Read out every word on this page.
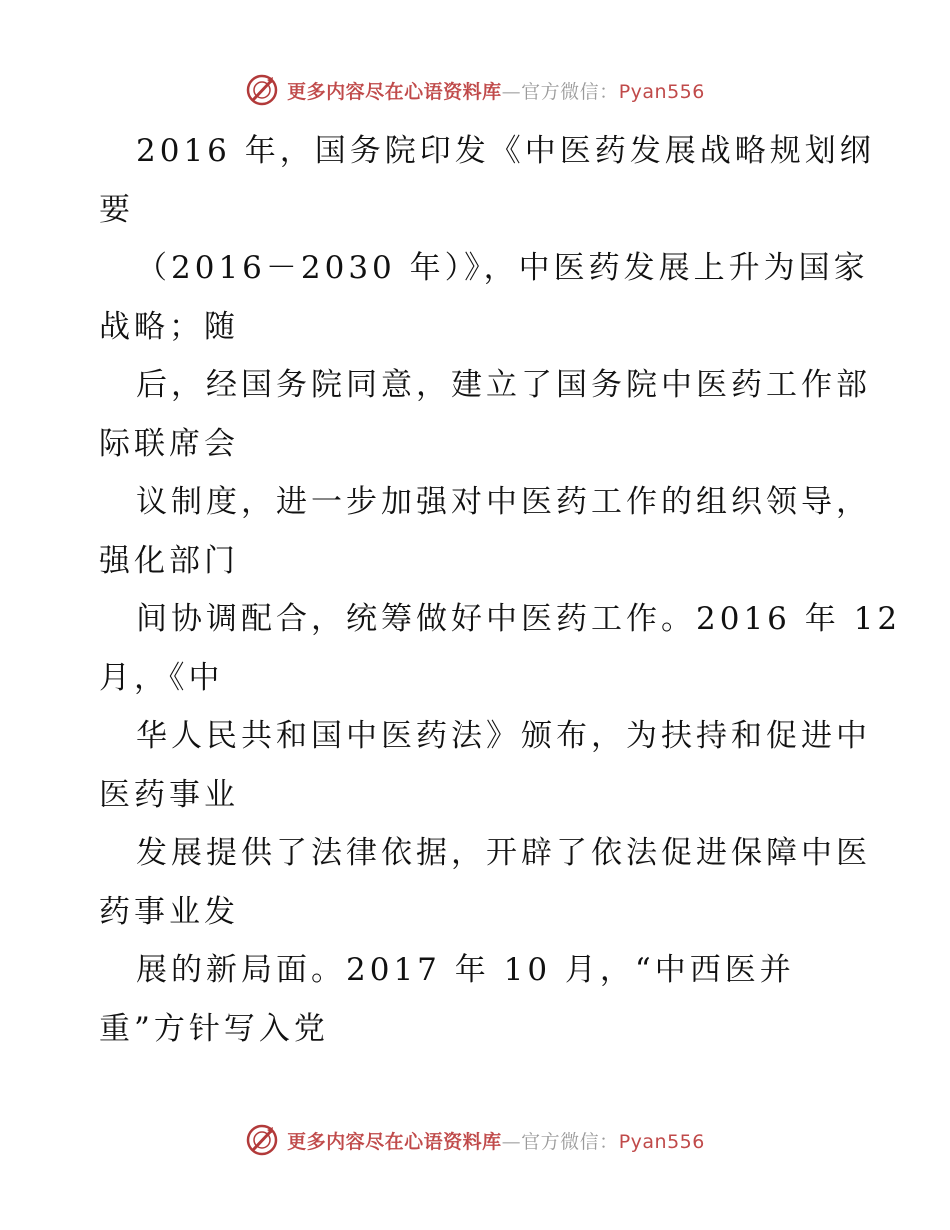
更多内容尽在心语资料库—官方微信：Pyan556
2016 年，国务院印发《中医药发展战略规划纲
要
（2016－2030 年）》，中医药发展上升为国家
战略；随
后，经国务院同意，建立了国务院中医药工作部
际联席会
议制度，进一步加强对中医药工作的组织领导，
强化部门
间协调配合，统筹做好中医药工作。2016 年 12
月，《中
华人民共和国中医药法》颁布，为扶持和促进中
医药事业
发展提供了法律依据，开辟了依法促进保障中医
药事业发
展的新局面。2017 年 10 月，“中西医并
重”方针写入党
更多内容尽在心语资料库—官方微信：Pyan556
